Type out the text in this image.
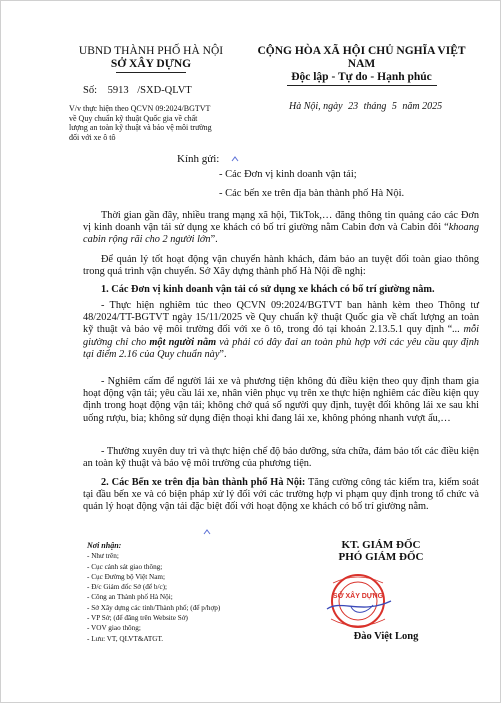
UBND THÀNH PHỐ HÀ NỘI
SỞ XÂY DỰNG
CỘNG HÒA XÃ HỘI CHỦ NGHĨA VIỆT NAM
Độc lập - Tự do - Hạnh phúc
Số: 5913 /SXD-QLVT
V/v thực hiện theo QCVN 09:2024/BGTVT
về Quy chuẩn kỹ thuật Quốc gia về chất
lượng an toàn kỹ thuật và bảo vệ môi trường
đối với xe ô tô
Hà Nội, ngày 23 tháng 5 năm 2025
Kính gửi:
- Các Đơn vị kinh doanh vận tải;
- Các bến xe trên địa bàn thành phố Hà Nội.
Thời gian gần đây, nhiều trang mạng xã hội, TikTok,… đăng thông tin quảng cáo các Đơn vị kinh doanh vận tải sử dụng xe khách có bố trí giường nằm Cabin đơn và Cabin đôi “khoang cabin rộng rãi cho 2 người lớn”.
Để quản lý tốt hoạt động vận chuyển hành khách, đảm bảo an tuyệt đối toàn giao thông trong quá trình vận chuyển. Sở Xây dựng thành phố Hà Nội đề nghị:
1. Các Đơn vị kinh doanh vận tải có sử dụng xe khách có bố trí giường nằm.
- Thực hiện nghiêm túc theo QCVN 09:2024/BGTVT ban hành kèm theo Thông tư 48/2024/TT-BGTVT ngày 15/11/2025 về Quy chuẩn kỹ thuật Quốc gia về chất lượng an toàn kỹ thuật và bảo vệ môi trường đối với xe ô tô, trong đó tại khoản 2.13.5.1 quy định “... mỗi giường chỉ cho một người nằm và phải có dây đai an toàn phù hợp với các yêu cầu quy định tại điểm 2.16 của Quy chuẩn này”.
- Nghiêm cấm để người lái xe và phương tiện không đủ điều kiện theo quy định tham gia hoạt động vận tải; yêu cầu lái xe, nhân viên phục vụ trên xe thực hiện nghiêm các điều kiện quy định trong hoạt động vận tải; không chở quá số người quy định, tuyệt đối không lái xe sau khi uống rượu, bia; không sử dụng điện thoại khi đang lái xe, không phóng nhanh vượt ẩu,…
- Thường xuyên duy trì và thực hiện chế độ bảo dưỡng, sửa chữa, đảm bảo tốt các điều kiện an toàn kỹ thuật và bảo vệ môi trường của phương tiện.
2. Các Bến xe trên địa bàn thành phố Hà Nội: Tăng cường công tác kiểm tra, kiểm soát tại đầu bến xe và có biện pháp xử lý đối với các trường hợp vi phạm quy định trong tổ chức và quản lý hoạt động vận tải đặc biệt đối với hoạt động xe khách có bố trí giường nằm.
Nơi nhận:
- Như trên;
- Cục cảnh sát giao thông;
- Cục Đường bộ Việt Nam;
- Đ/c Giám đốc Sở (để b/c);
- Công an Thành phố Hà Nội;
- Sở Xây dựng các tỉnh/Thành phố; (để p/hợp)
- VP Sở; (để đăng trên Website Sở)
- VOV giao thông;
- Lưu: VT, QLVT&ATGT.
KT. GIÁM ĐỐC
PHÓ GIÁM ĐỐC
SỞ XÂY DỰNG
Đào Việt Long
